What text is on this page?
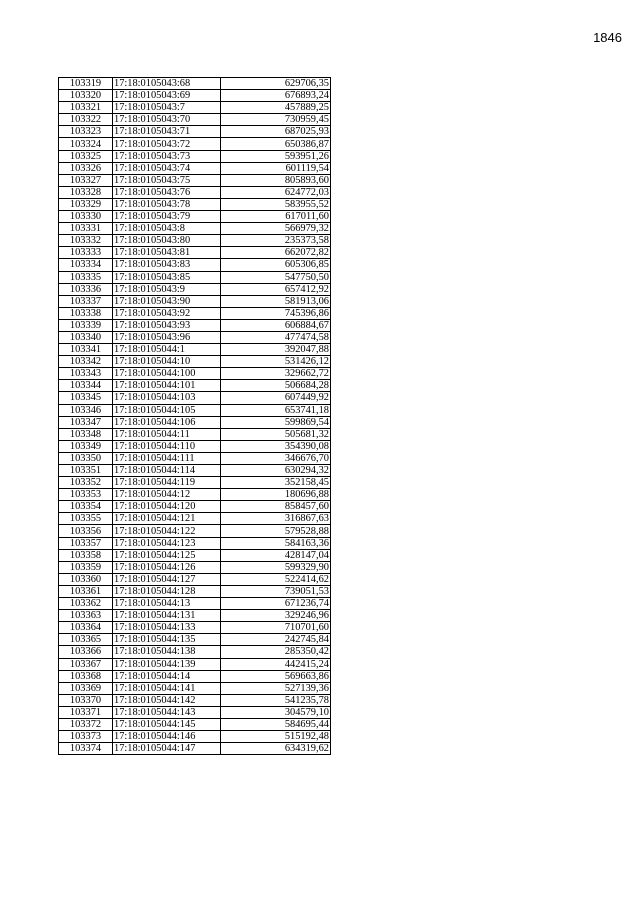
1846
103319	17:18:0105043:68	629706,35
103320	17:18:0105043:69	676893,24
103321	17:18:0105043:7	457889,25
103322	17:18:0105043:70	730959,45
103323	17:18:0105043:71	687025,93
103324	17:18:0105043:72	650386,87
103325	17:18:0105043:73	593951,26
103326	17:18:0105043:74	601119,54
103327	17:18:0105043:75	805893,60
103328	17:18:0105043:76	624772,03
103329	17:18:0105043:78	583955,52
103330	17:18:0105043:79	617011,60
103331	17:18:0105043:8	566979,32
103332	17:18:0105043:80	235373,58
103333	17:18:0105043:81	662072,82
103334	17:18:0105043:83	605306,85
103335	17:18:0105043:85	547750,50
103336	17:18:0105043:9	657412,92
103337	17:18:0105043:90	581913,06
103338	17:18:0105043:92	745396,86
103339	17:18:0105043:93	606884,67
103340	17:18:0105043:96	477474,58
103341	17:18:0105044:1	392047,88
103342	17:18:0105044:10	531426,12
103343	17:18:0105044:100	329662,72
103344	17:18:0105044:101	506684,28
103345	17:18:0105044:103	607449,92
103346	17:18:0105044:105	653741,18
103347	17:18:0105044:106	599869,54
103348	17:18:0105044:11	505681,32
103349	17:18:0105044:110	354390,08
103350	17:18:0105044:111	346676,70
103351	17:18:0105044:114	630294,32
103352	17:18:0105044:119	352158,45
103353	17:18:0105044:12	180696,88
103354	17:18:0105044:120	858457,60
103355	17:18:0105044:121	316867,63
103356	17:18:0105044:122	579528,88
103357	17:18:0105044:123	584163,36
103358	17:18:0105044:125	428147,04
103359	17:18:0105044:126	599329,90
103360	17:18:0105044:127	522414,62
103361	17:18:0105044:128	739051,53
103362	17:18:0105044:13	671236,74
103363	17:18:0105044:131	329246,96
103364	17:18:0105044:133	710701,60
103365	17:18:0105044:135	242745,84
103366	17:18:0105044:138	285350,42
103367	17:18:0105044:139	442415,24
103368	17:18:0105044:14	569663,86
103369	17:18:0105044:141	527139,36
103370	17:18:0105044:142	541235,78
103371	17:18:0105044:143	304579,10
103372	17:18:0105044:145	584695,44
103373	17:18:0105044:146	515192,48
103374	17:18:0105044:147	634319,62
